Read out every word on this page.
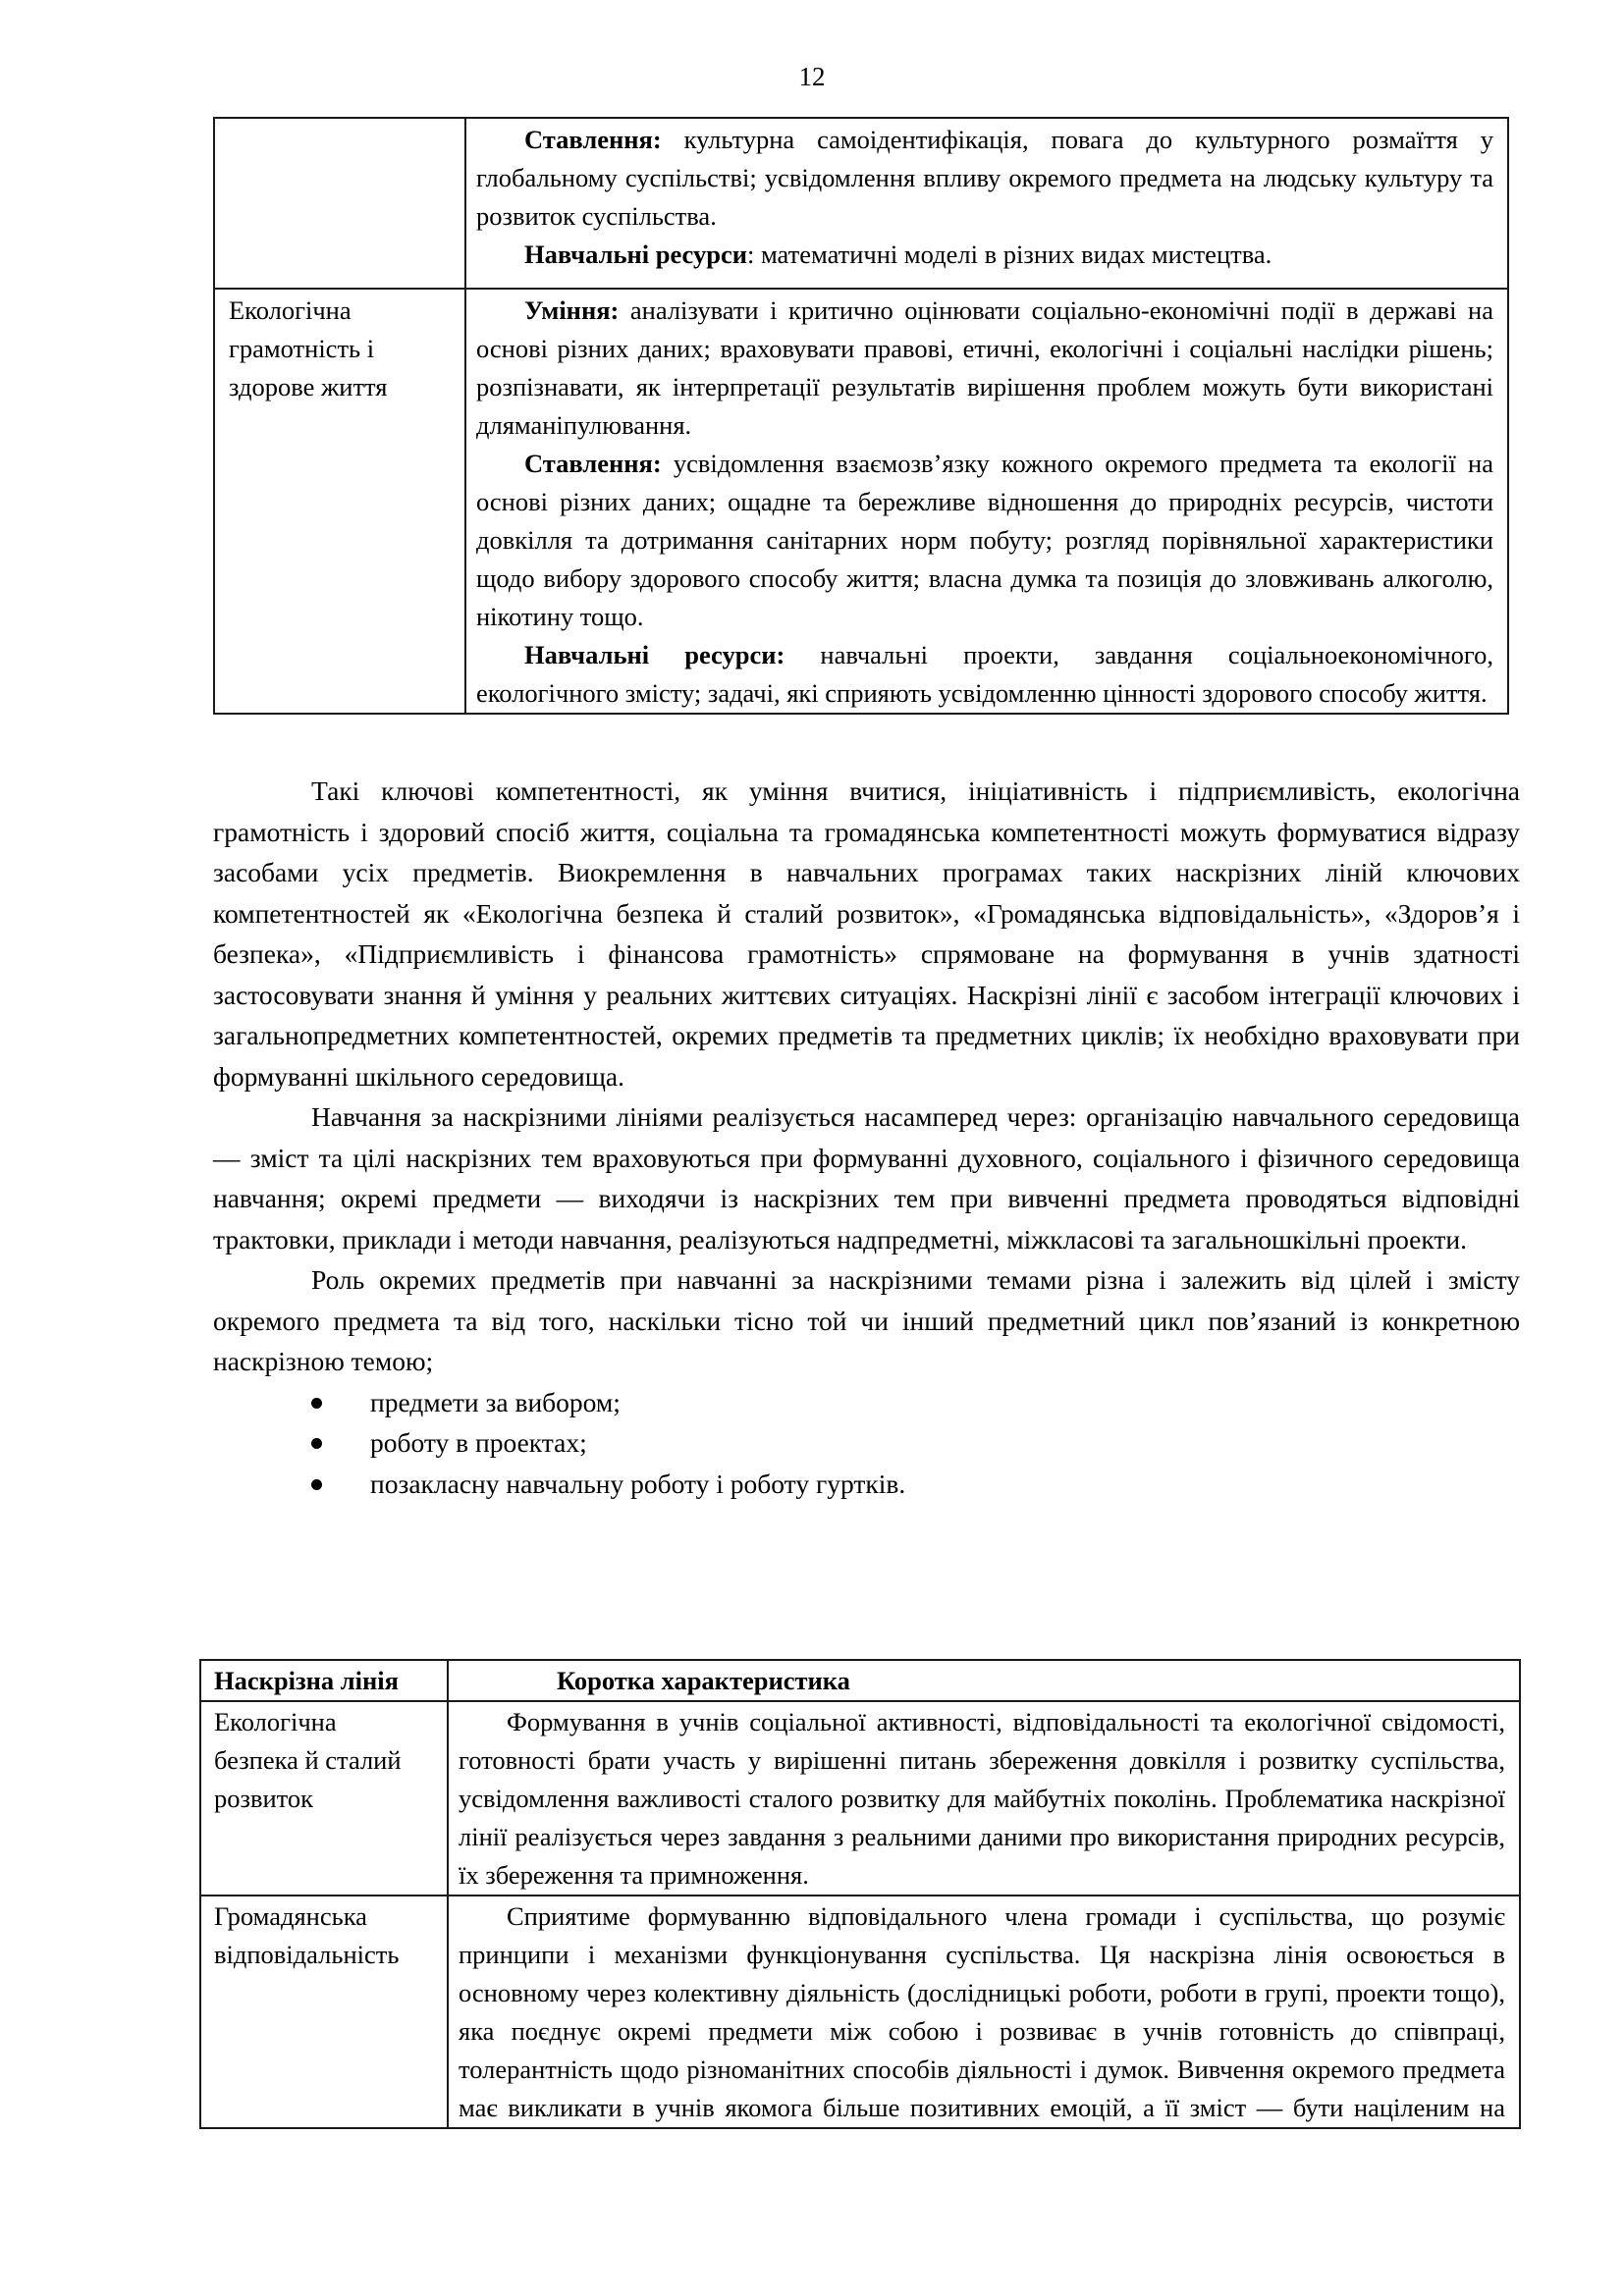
12

	Ставлення: культурна самоідентифікація, повага до культурного розмаїття у глобальному суспільстві; усвідомлення впливу окремого предмета на людську культуру та розвиток суспільства.

Навчальні ресурси: математичні моделі в різних видах мистецтва.

Екологічна грамотність і здорове життя	Уміння: аналізувати і критично оцінювати соціально-економічні події в державі на основі різних даних; враховувати правові, етичні, екологічні і соціальні наслідки рішень; розпізнавати, як інтерпретації результатів вирішення проблем можуть бути використані дляманіпулювання.

Ставлення: усвідомлення взаємозв’язку кожного окремого предмета та екології на основі різних даних; ощадне та бережливе відношення до природніх ресурсів, чистоти довкілля та дотримання санітарних норм побуту; розгляд порівняльної характеристики щодо вибору здорового способу життя; власна думка та позиція до зловживань алкоголю, нікотину тощо.

Навчальні ресурси: навчальні проекти, завдання соціальноекономічного, екологічного змісту; задачі, які сприяють усвідомленню цінності здорового способу життя.

Такі ключові компетентності, як уміння вчитися, ініціативність і підприємливість, екологічна грамотність і здоровий спосіб життя, соціальна та громадянська компетентності можуть формуватися відразу засобами усіх предметів. Виокремлення в навчальних програмах таких наскрізних ліній ключових компетентностей як «Екологічна безпека й сталий розвиток», «Громадянська відповідальність», «Здоров’я і безпека», «Підприємливість і фінансова грамотність» спрямоване на формування в учнів здатності застосовувати знання й уміння у реальних життєвих ситуаціях. Наскрізні лінії є засобом інтеграції ключових і загальнопредметних компетентностей, окремих предметів та предметних циклів; їх необхідно враховувати при формуванні шкільного середовища.

Навчання за наскрізними лініями реалізується насамперед через: організацію навчального середовища — зміст та цілі наскрізних тем враховуються при формуванні духовного, соціального і фізичного середовища навчання; окремі предмети — виходячи із наскрізних тем при вивченні предмета проводяться відповідні трактовки, приклади і методи навчання, реалізуються надпредметні, міжкласові та загальношкільні проекти.

Роль окремих предметів при навчанні за наскрізними темами різна і залежить від цілей і змісту окремого предмета та від того, наскільки тісно той чи інший предметний цикл пов’язаний із конкретною наскрізною темою;

предмети за вибором;
роботу в проектах;
позакласну навчальну роботу і роботу гуртків.
Наскрізна лінія	Коротка характеристика
Екологічна безпека й сталий розвиток	Формування в учнів соціальної активності, відповідальності та екологічної свідомості, готовності брати участь у вирішенні питань збереження довкілля і розвитку суспільства, усвідомлення важливості сталого розвитку для майбутніх поколінь. Проблематика наскрізної лінії реалізується через завдання з реальними даними про використання природних ресурсів, їх збереження та примноження.

Громадянська відповідальність	Сприятиме формуванню відповідального члена громади і суспільства, що розуміє принципи і механізми функціонування суспільства. Ця наскрізна лінія освоюється в основному через колективну діяльність (дослідницькі роботи, роботи в групі, проекти тощо), яка поєднує окремі предмети між собою і розвиває в учнів готовність до співпраці, толерантність щодо різноманітних способів діяльності і думок. Вивчення окремого предмета має викликати в учнів якомога більше позитивних емоцій, а її зміст — бути націленим на
